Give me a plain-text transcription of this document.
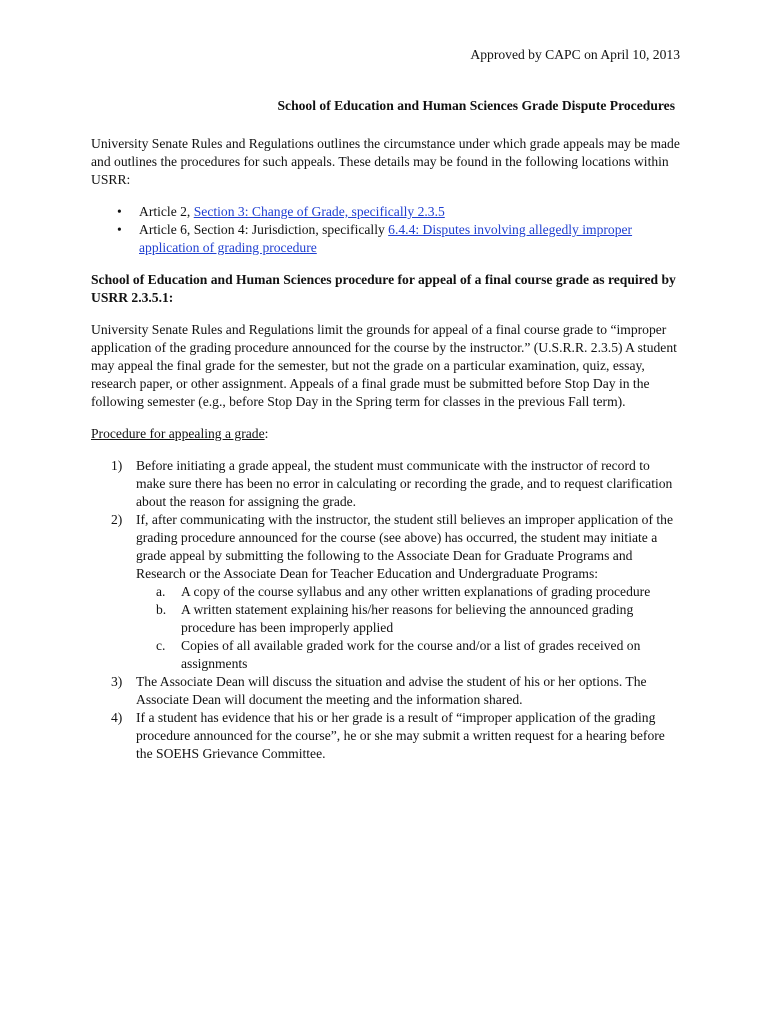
Approved by CAPC on April 10, 2013
School of Education and Human Sciences Grade Dispute Procedures

University Senate Rules and Regulations outlines the circumstance under which grade appeals may be made and outlines the procedures for such appeals. These details may be found in the following locations within USRR:

• Article 2, Section 3: Change of Grade, specifically 2.3.5
• Article 6, Section 4: Jurisdiction, specifically 6.4.4: Disputes involving allegedly improper application of grading procedure

School of Education and Human Sciences procedure for appeal of a final course grade as required by USRR 2.3.5.1:

University Senate Rules and Regulations limit the grounds for appeal of a final course grade to “improper application of the grading procedure announced for the course by the instructor.” (U.S.R.R. 2.3.5) A student may appeal the final grade for the semester, but not the grade on a particular examination, quiz, essay, research paper, or other assignment. Appeals of a final grade must be submitted before Stop Day in the following semester (e.g., before Stop Day in the Spring term for classes in the previous Fall term).

Procedure for appealing a grade:

1) Before initiating a grade appeal, the student must communicate with the instructor of record to make sure there has been no error in calculating or recording the grade, and to request clarification about the reason for assigning the grade.
2) If, after communicating with the instructor, the student still believes an improper application of the grading procedure announced for the course (see above) has occurred, the student may initiate a grade appeal by submitting the following to the Associate Dean for Graduate Programs and Research or the Associate Dean for Teacher Education and Undergraduate Programs:
a. A copy of the course syllabus and any other written explanations of grading procedure
b. A written statement explaining his/her reasons for believing the announced grading procedure has been improperly applied
c. Copies of all available graded work for the course and/or a list of grades received on assignments
3) The Associate Dean will discuss the situation and advise the student of his or her options. The Associate Dean will document the meeting and the information shared.
4) If a student has evidence that his or her grade is a result of “improper application of the grading procedure announced for the course”, he or she may submit a written request for a hearing before the SOEHS Grievance Committee.
